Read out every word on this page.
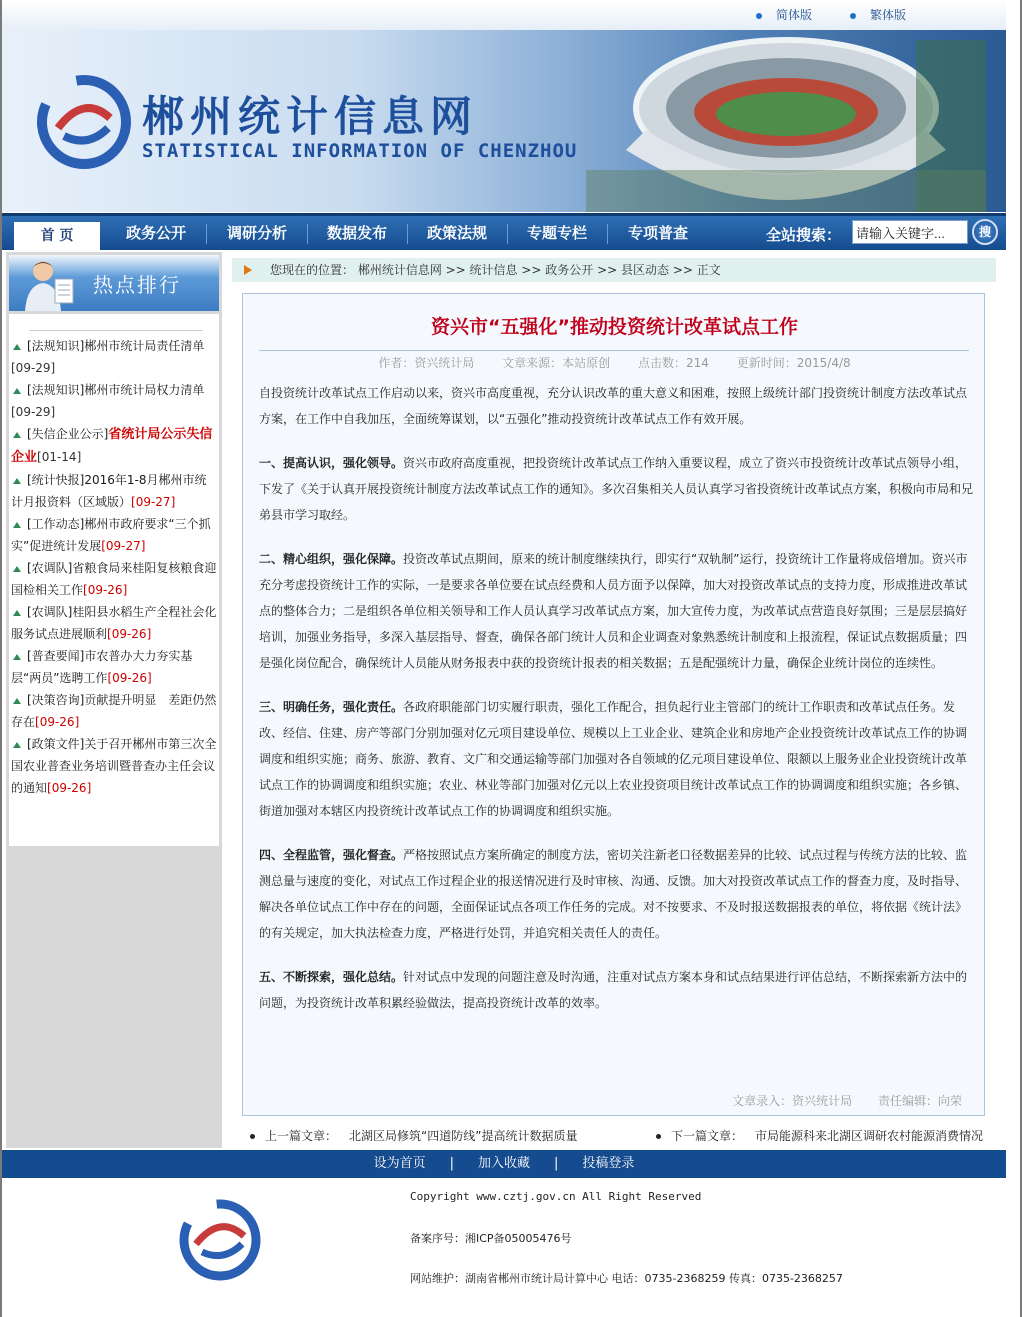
简体版	繁体版
郴州统计信息网
STATISTICAL INFORMATION OF CHENZHOU
首 页	政务公开	调研分析	数据发布	政策法规	专题专栏	专项普查	全站搜索：
请输入关键字...	搜
热点排行
[法规知识]郴州市统计局责任清单[09-29]
[法规知识]郴州市统计局权力清单[09-29]
[失信企业公示]省统计局公示失信企业[01-14]
[统计快报]2016年1-8月郴州市统计月报资料（区域版）[09-27]
[工作动态]郴州市政府要求“三个抓实”促进统计发展[09-27]
[农调队]省粮食局来桂阳复核粮食迎国检相关工作[09-26]
[农调队]桂阳县水稻生产全程社会化服务试点进展顺利[09-26]
[普查要闻]市农普办大力夯实基层“两员”选聘工作[09-26]
[决策咨询]贡献提升明显　差距仍然存在[09-26]
[政策文件]关于召开郴州市第三次全国农业普查业务培训暨普查办主任会议的通知[09-26]
您现在的位置： 郴州统计信息网 >> 统计信息 >> 政务公开 >> 县区动态 >> 正文
资兴市“五强化”推动投资统计改革试点工作
作者：资兴统计局 文章来源：本站原创 点击数：214 更新时间：2015/4/8

自投资统计改革试点工作启动以来，资兴市高度重视，充分认识改革的重大意义和困难，按照上级统计部门投资统计制度方法改革试点方案，在工作中自我加压，全面统筹谋划，以“五强化”推动投资统计改革试点工作有效开展。

一、提高认识，强化领导。资兴市政府高度重视，把投资统计改革试点工作纳入重要议程，成立了资兴市投资统计改革试点领导小组，下发了《关于认真开展投资统计制度方法改革试点工作的通知》。多次召集相关人员认真学习省投资统计改革试点方案，积极向市局和兄弟县市学习取经。

二、精心组织，强化保障。投资改革试点期间，原来的统计制度继续执行，即实行“双轨制”运行，投资统计工作量将成倍增加。资兴市充分考虑投资统计工作的实际，一是要求各单位要在试点经费和人员方面予以保障，加大对投资改革试点的支持力度，形成推进改革试点的整体合力；二是组织各单位相关领导和工作人员认真学习改革试点方案，加大宣传力度，为改革试点营造良好氛围；三是层层搞好培训，加强业务指导，多深入基层指导、督查，确保各部门统计人员和企业调查对象熟悉统计制度和上报流程，保证试点数据质量；四是强化岗位配合，确保统计人员能从财务报表中获的投资统计报表的相关数据；五是配强统计力量，确保企业统计岗位的连续性。

三、明确任务，强化责任。各政府职能部门切实履行职责，强化工作配合，担负起行业主管部门的统计工作职责和改革试点任务。发改、经信、住建、房产等部门分别加强对亿元项目建设单位、规模以上工业企业、建筑企业和房地产企业投资统计改革试点工作的协调调度和组织实施；商务、旅游、教育、文广和交通运输等部门加强对各自领域的亿元项目建设单位、限额以上服务业企业投资统计改革试点工作的协调调度和组织实施；农业、林业等部门加强对亿元以上农业投资项目统计改革试点工作的协调调度和组织实施；各乡镇、街道加强对本辖区内投资统计改革试点工作的协调调度和组织实施。

四、全程监管，强化督查。严格按照试点方案所确定的制度方法，密切关注新老口径数据差异的比较、试点过程与传统方法的比较、监测总量与速度的变化，对试点工作过程企业的报送情况进行及时审核、沟通、反馈。加大对投资改革试点工作的督查力度，及时指导、解决各单位试点工作中存在的问题，全面保证试点各项工作任务的完成。对不按要求、不及时报送数据报表的单位，将依据《统计法》的有关规定，加大执法检查力度，严格进行处罚，并追究相关责任人的责任。

五、不断探索，强化总结。针对试点中发现的问题注意及时沟通，注重对试点方案本身和试点结果进行评估总结，不断探索新方法中的问题，为投资统计改革积累经验做法，提高投资统计改革的效率。

文章录入：资兴统计局 责任编辑：向荣
上一篇文章： 北湖区局修筑“四道防线”提高统计数据质量	下一篇文章： 市局能源科来北湖区调研农村能源消费情况
设为首页 | 加入收藏 | 投稿登录
Copyright www.cztj.gov.cn All Right Reserved
备案序号：湘ICP备05005476号
网站维护：湖南省郴州市统计局计算中心 电话：0735-2368259 传真：0735-2368257
